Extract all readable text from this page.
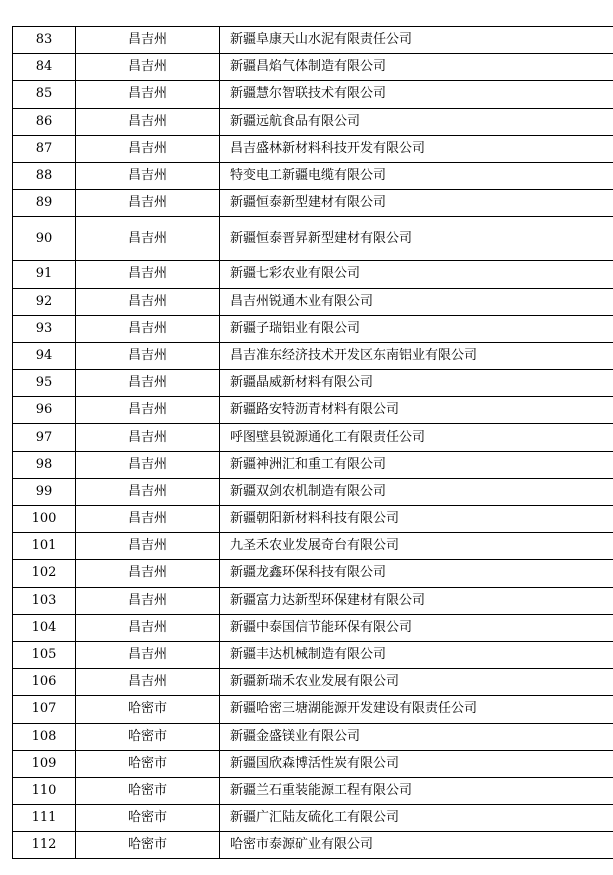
83	昌吉州	新疆阜康天山水泥有限责任公司
84	昌吉州	新疆昌焰气体制造有限公司
85	昌吉州	新疆慧尔智联技术有限公司
86	昌吉州	新疆远航食品有限公司
87	昌吉州	昌吉盛林新材料科技开发有限公司
88	昌吉州	特变电工新疆电缆有限公司
89	昌吉州	新疆恒泰新型建材有限公司
90	昌吉州	新疆恒泰晋昇新型建材有限公司
91	昌吉州	新疆七彩农业有限公司
92	昌吉州	昌吉州锐通木业有限公司
93	昌吉州	新疆子瑞铝业有限公司
94	昌吉州	昌吉准东经济技术开发区东南铝业有限公司
95	昌吉州	新疆晶威新材料有限公司
96	昌吉州	新疆路安特沥青材料有限公司
97	昌吉州	呼图壁县锐源通化工有限责任公司
98	昌吉州	新疆神洲汇和重工有限公司
99	昌吉州	新疆双剑农机制造有限公司
100	昌吉州	新疆朝阳新材料科技有限公司
101	昌吉州	九圣禾农业发展奇台有限公司
102	昌吉州	新疆龙鑫环保科技有限公司
103	昌吉州	新疆富力达新型环保建材有限公司
104	昌吉州	新疆中泰国信节能环保有限公司
105	昌吉州	新疆丰达机械制造有限公司
106	昌吉州	新疆新瑞禾农业发展有限公司
107	哈密市	新疆哈密三塘湖能源开发建设有限责任公司
108	哈密市	新疆金盛镁业有限公司
109	哈密市	新疆国欣森博活性炭有限公司
110	哈密市	新疆兰石重装能源工程有限公司
111	哈密市	新疆广汇陆友硫化工有限公司
112	哈密市	哈密市泰源矿业有限公司
